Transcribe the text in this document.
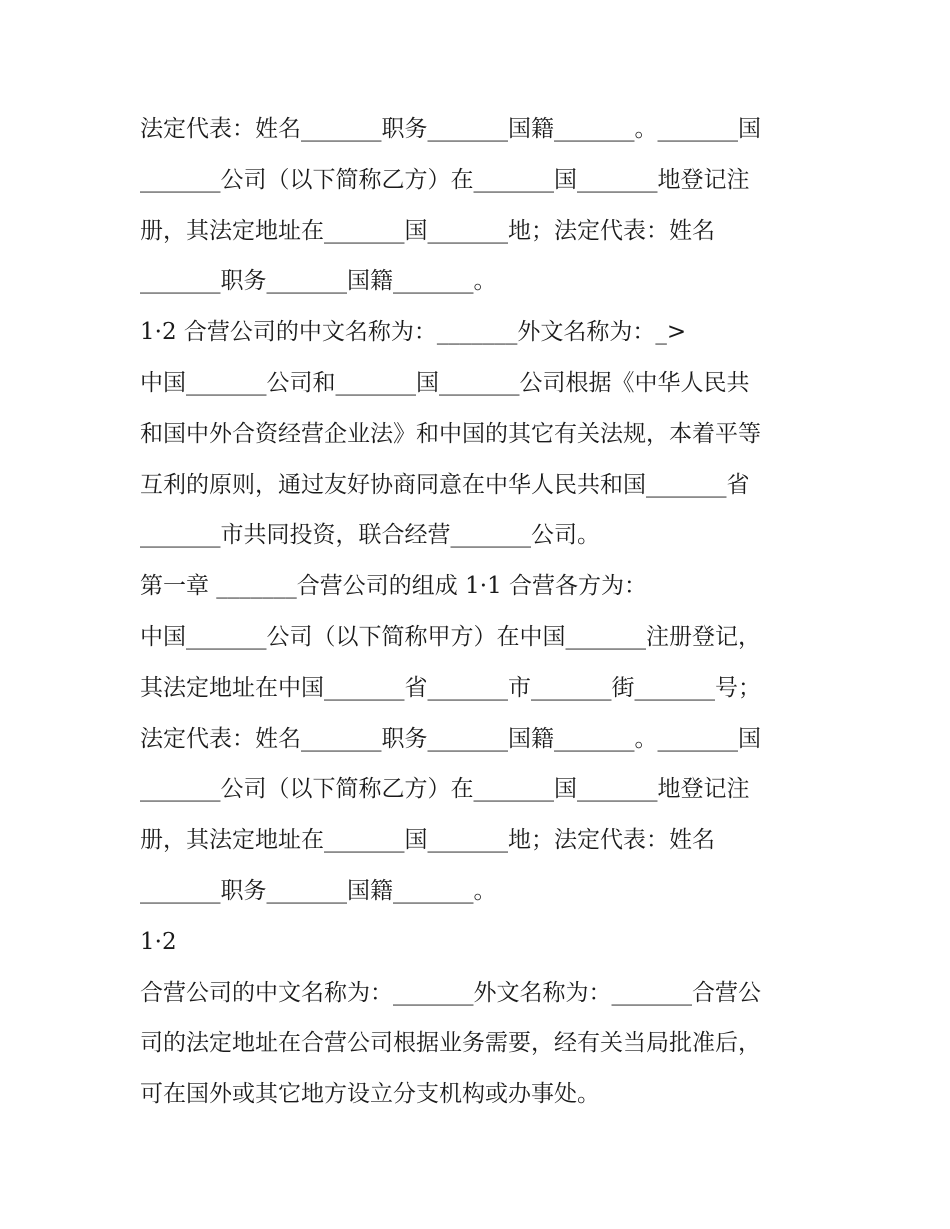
法定代表：姓名_______职务_______国籍_______。_______国
_______公司（以下简称乙方）在_______国_______地登记注
册，其法定地址在_______国_______地；法定代表：姓名
_______职务_______国籍_______。
1·2 合营公司的中文名称为：_______外文名称为：_>
中国_______公司和_______国_______公司根据《中华人民共
和国中外合资经营企业法》和中国的其它有关法规，本着平等
互利的原则，通过友好协商同意在中华人民共和国_______省
_______市共同投资，联合经营_______公司。
第一章 _______合营公司的组成 1·1 合营各方为：
中国_______公司（以下简称甲方）在中国_______注册登记，
其法定地址在中国_______省_______市_______街_______号；
法定代表：姓名_______职务_______国籍_______。_______国
_______公司（以下简称乙方）在_______国_______地登记注
册，其法定地址在_______国_______地；法定代表：姓名
_______职务_______国籍_______。
1·2
合营公司的中文名称为：_______外文名称为：_______合营公
司的法定地址在合营公司根据业务需要，经有关当局批准后，
可在国外或其它地方设立分支机构或办事处。
